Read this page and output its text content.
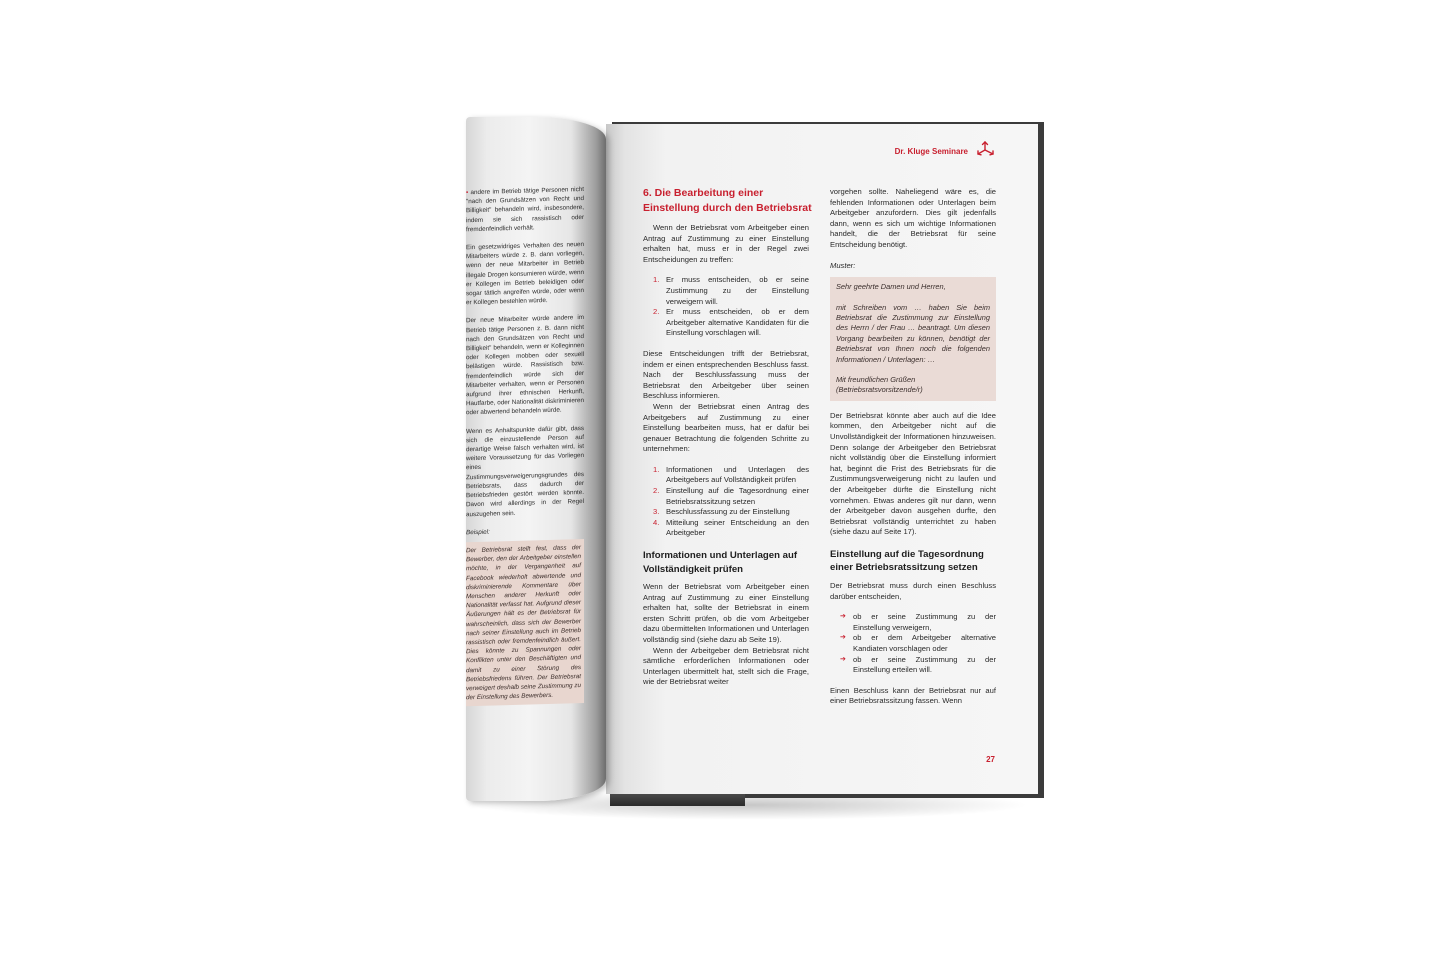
Dr. Kluge Seminare
6. Die Bearbeitung einer
Einstellung durch den Betriebsrat

Wenn der Betriebsrat vom Arbeitgeber einen Antrag auf Zustimmung zu einer Einstellung erhalten hat, muss er in der Regel zwei Entscheidungen zu treffen:

1. Er muss entscheiden, ob er seine Zustimmung zu der Einstellung verweigern will.
2. Er muss entscheiden, ob er dem Arbeitgeber alternative Kandidaten für die Einstellung vorschlagen will.

Diese Entscheidungen trifft der Betriebsrat, indem er einen entsprechenden Beschluss fasst. Nach der Beschlussfassung muss der Betriebsrat den Arbeitgeber über seinen Beschluss informieren.

Wenn der Betriebsrat einen Antrag des Arbeitgebers auf Zustimmung zu einer Einstellung bearbeiten muss, hat er dafür bei genauer Betrachtung die folgenden Schritte zu unternehmen:

1. Informationen und Unterlagen des Arbeitgebers auf Vollständigkeit prüfen
2. Einstellung auf die Tagesordnung einer Betriebsratssitzung setzen
3. Beschlussfassung zu der Einstellung
4. Mitteilung seiner Entscheidung an den Arbeitgeber
Informationen und Unterlagen auf Vollständigkeit prüfen

Wenn der Betriebsrat vom Arbeitgeber einen Antrag auf Zustimmung zu einer Einstellung erhalten hat, sollte der Betriebsrat in einem ersten Schritt prüfen, ob die vom Arbeitgeber dazu übermittelten Informationen und Unterlagen vollständig sind (siehe dazu ab Seite 19).

Wenn der Arbeitgeber dem Betriebsrat nicht sämtliche erforderlichen Informationen oder Unterlagen übermittelt hat, stellt sich die Frage, wie der Betriebsrat weiter

vorgehen sollte. Naheliegend wäre es, die fehlenden Informationen oder Unterlagen beim Arbeitgeber anzufordern. Dies gilt jedenfalls dann, wenn es sich um wichtige Informationen handelt, die der Betriebsrat für seine Entscheidung benötigt.

Muster:

Sehr geehrte Damen und Herren,

mit Schreiben vom … haben Sie beim Betriebsrat die Zustimmung zur Einstellung des Herrn / der Frau … beantragt. Um diesen Vorgang bearbeiten zu können, benötigt der Betriebsrat von Ihnen noch die folgenden Informationen / Unterlagen: …

Mit freundlichen Grüßen
(Betriebsratsvorsitzende/r)

Der Betriebsrat könnte aber auch auf die Idee kommen, den Arbeitgeber nicht auf die Unvollständigkeit der Informationen hinzuweisen. Denn solange der Arbeitgeber den Betriebsrat nicht vollständig über die Einstellung informiert hat, beginnt die Frist des Betriebsrats für die Zustimmungsverweigerung nicht zu laufen und der Arbeitgeber dürfte die Einstellung nicht vornehmen. Etwas anderes gilt nur dann, wenn der Arbeitgeber davon ausgehen durfte, den Betriebsrat vollständig unterrichtet zu haben (siehe dazu auf Seite 17).

Einstellung auf die Tagesordnung einer Betriebsratssitzung setzen

Der Betriebsrat muss durch einen Beschluss darüber entscheiden,

➔ ob er seine Zustimmung zu der Einstellung verweigern,
➔ ob er dem Arbeitgeber alternative Kandiaten vorschlagen oder
➔ ob er seine Zustimmung zu der Einstellung erteilen will.

Einen Beschluss kann der Betriebsrat nur auf einer Betriebsratssitzung fassen. Wenn

27

• andere im Betrieb tätige Personen nicht "nach den Grundsätzen von Recht und Billigkeit" behandeln wird, insbesondere, indem sie sich rassistisch oder fremdenfeindlich verhält.

Ein gesetzwidriges Verhalten des neuen Mitarbeiters würde z. B. dann vorliegen, wenn der neue Mitarbeiter im Betrieb illegale Drogen konsumieren würde, wenn er Kollegen im Betrieb beleidigen oder sogar tätlich angreifen würde, oder wenn er Kollegen bestehlen würde.

Der neue Mitarbeiter würde andere im Betrieb tätige Personen z. B. dann nicht nach den Grundsätzen von Recht und Billigkeit" behandeln, wenn er Kolleginnen oder Kollegen mobben oder sexuell belästigen würde. Rassistisch bzw. fremdenfeindlich würde sich der Mitarbeiter verhalten, wenn er Personen aufgrund ihrer ethnischen Herkunft, Hautfarbe, oder Nationalität diskriminieren oder abwertend behandeln würde.

Wenn es Anhaltspunkte dafür gibt, dass sich die einzustellende Person auf derartige Weise falsch verhalten wird, ist weitere Voraussetzung für das Vorliegen eines Zustimmungsverweigerungsgrundes des Betriebsrats, dass dadurch der Betriebsfrieden gestört werden könnte. Davon wird allerdings in der Regel auszugehen sein.

Beispiel:
Der Betriebsrat stellt fest, dass der Bewerber, den der Arbeitgeber einstellen möchte, in der Vergangenheit auf Facebook wiederholt abwertende und diskriminierende Kommentare über Menschen anderer Herkunft oder Nationalität verfasst hat. Aufgrund dieser Äußerungen hält es der Betriebsrat für wahrscheinlich, dass sich der Bewerber nach seiner Einstellung auch im Betrieb rassistisch oder fremdenfeindlich äußert. Dies könnte zu Spannungen oder Konflikten unter den Beschäftigten und damit zu einer Störung des Betriebsfriedens führen. Der Betriebsrat verweigert deshalb seine Zustimmung zu der Einstellung des Bewerbers.
